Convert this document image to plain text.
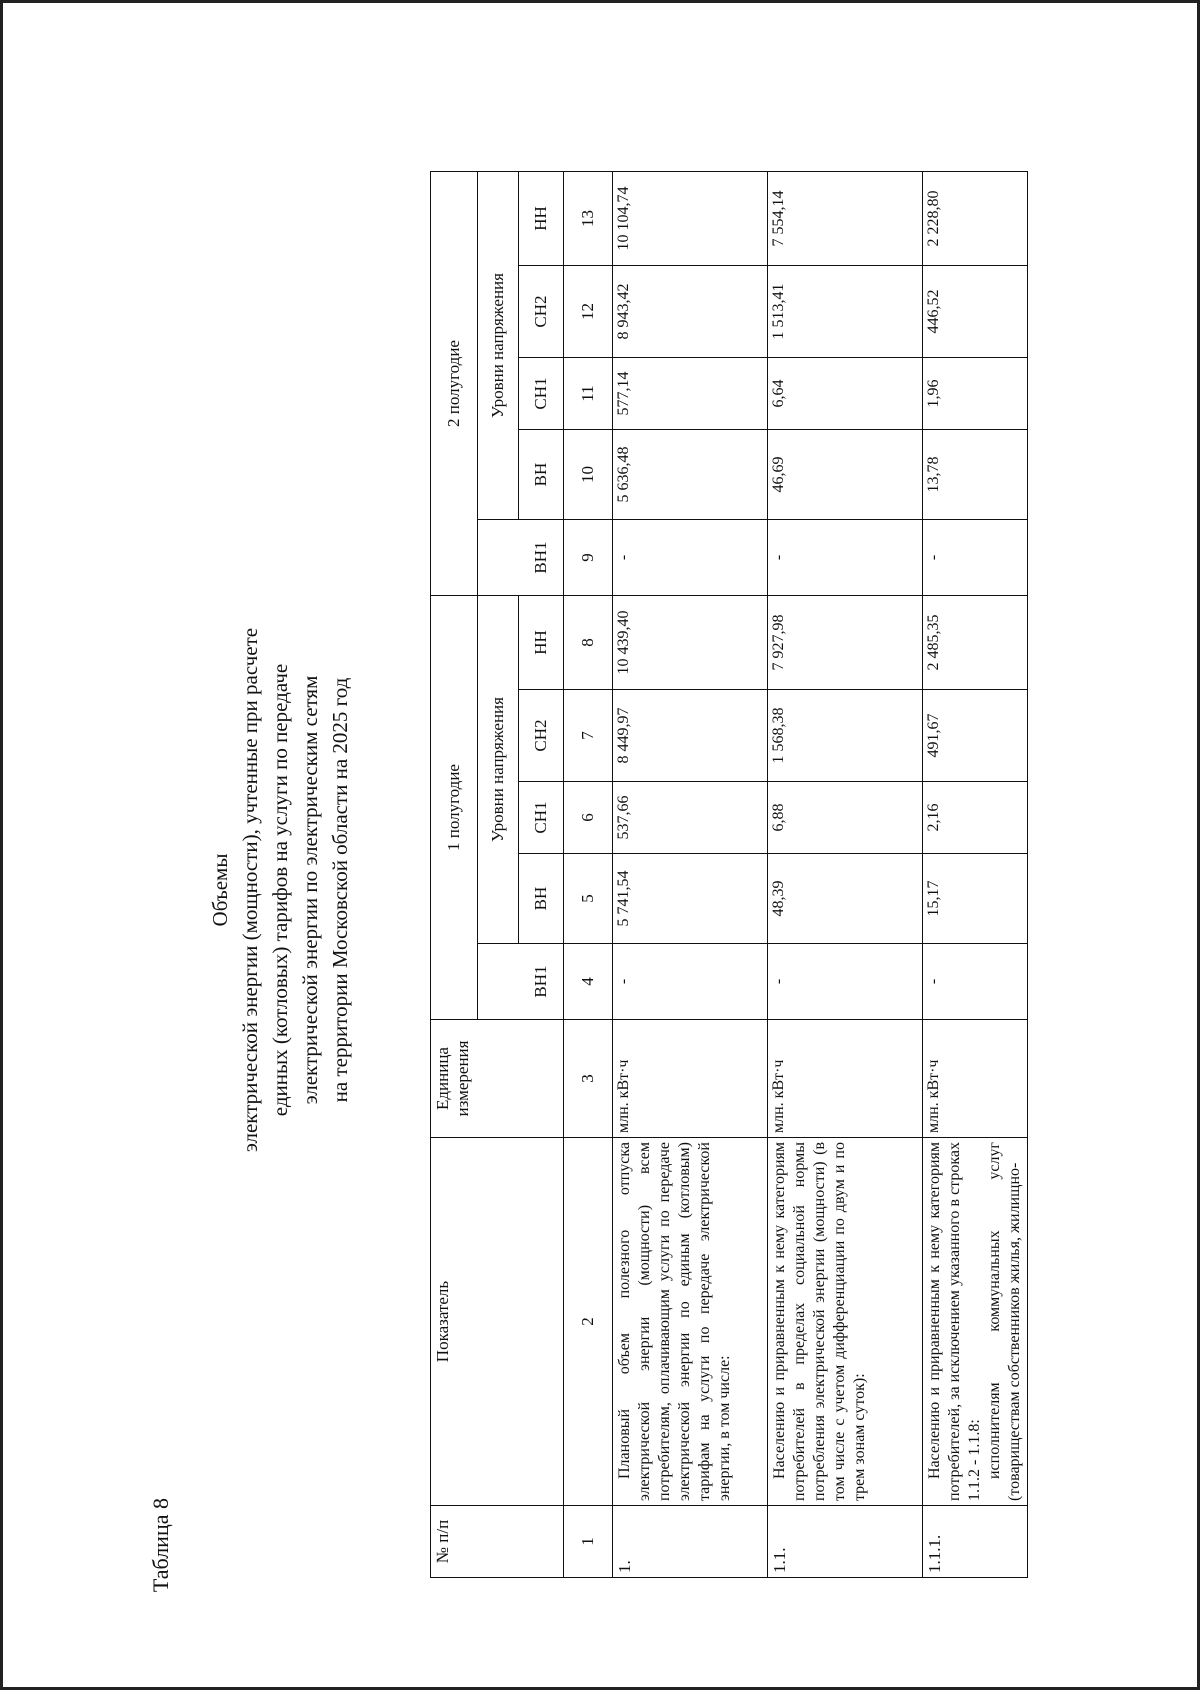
Таблица 8
Объемы электрической энергии (мощности), учтенные при расчете единых (котловых) тарифов на услуги по передаче электрической энергии по электрическим сетям на территории Московской области на 2025 год
№ п/п	Показатель	Единица измерения	1 полугодие					2 полугодие				
				Уровни напряжения					Уровни напряжения			
			ВН1	ВН	СН1	СН2	НН	ВН1	ВН	СН1	СН2	НН
1	2	3	4	5	6	7	8	9	10	11	12	13
1.	Плановый объем полезного отпуска электрической энергии (мощности) всем потребителям, оплачивающим услуги по передаче электрической энергии по единым (котловым) тарифам на услуги по передаче электрической энергии, в том числе:	млн. кВт·ч	-	5 741,54	537,66	8 449,97	10 439,40	-	5 636,48	577,14	8 943,42	10 104,74
1.1.	Населению и приравненным к нему категориям потребителей в пределах социальной нормы потребления электрической энергии (мощности) (в том числе с учетом дифференциации по двум и по трем зонам суток):	млн. кВт·ч	-	48,39	6,88	1 568,38	7 927,98	-	46,69	6,64	1 513,41	7 554,14
1.1.1.	Населению и приравненным к нему категориям потребителей, за исключением указанного в строках 1.1.2 - 1.1.8: исполнителям коммунальных услуг (товариществам собственников жилья, жилищно-	млн. кВт·ч	-	15,17	2,16	491,67	2 485,35	-	13,78	1,96	446,52	2 228,80
